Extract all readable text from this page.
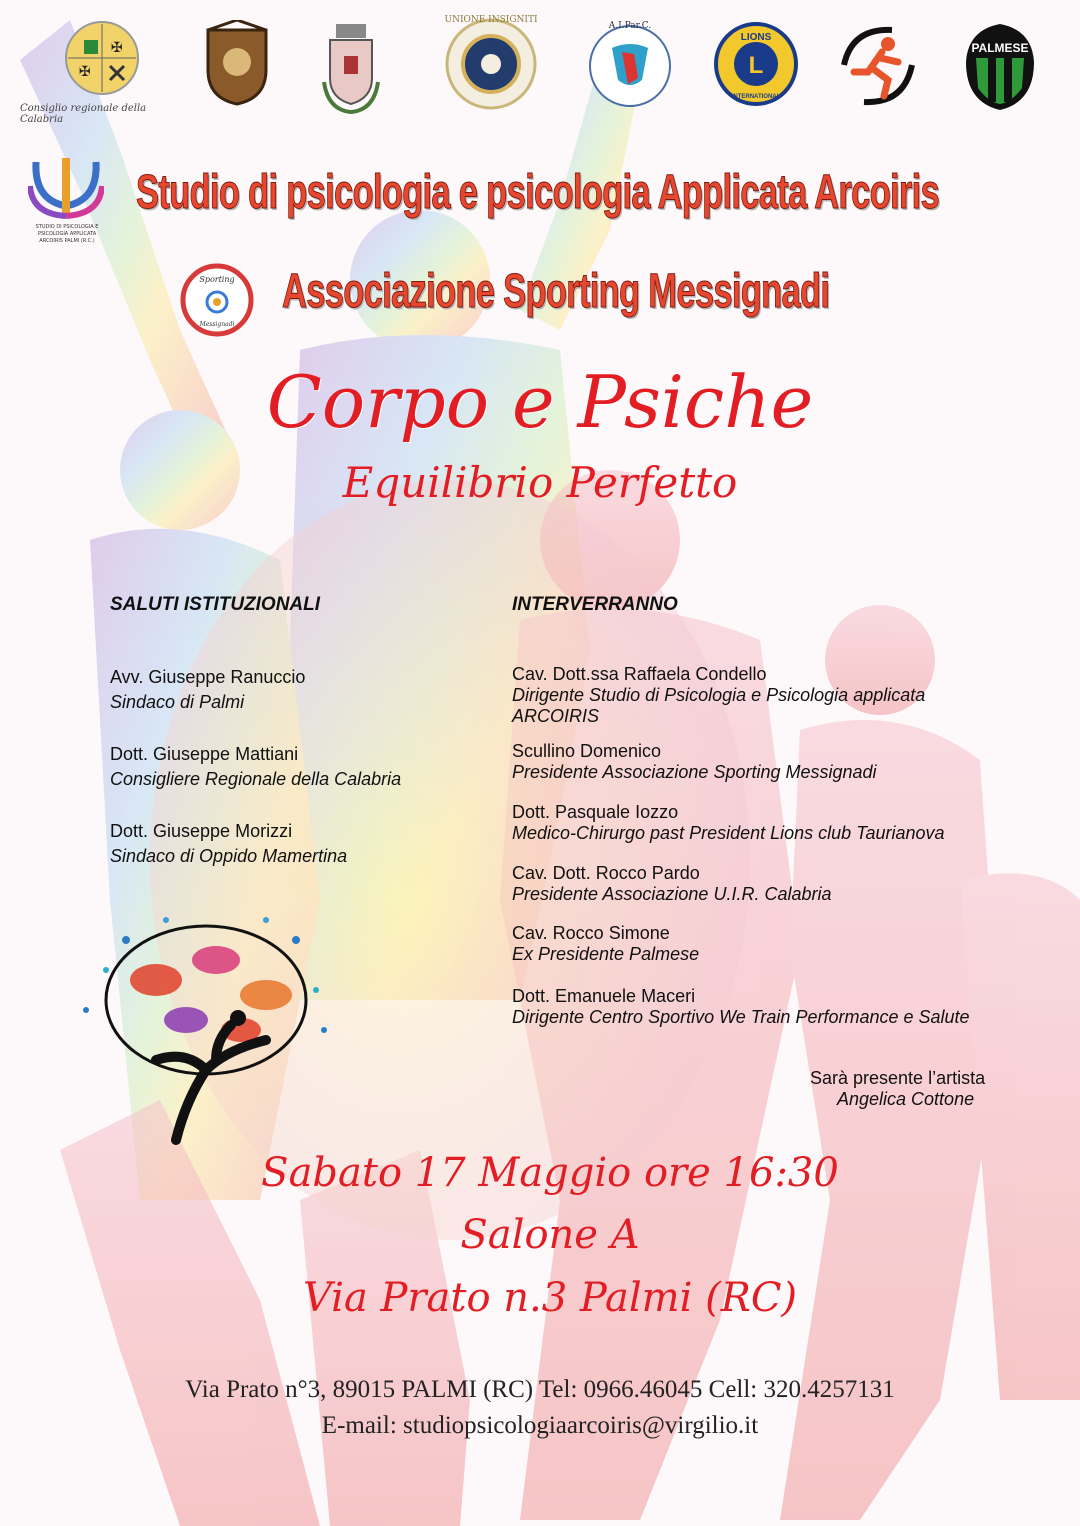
✠
✠
Consiglio regionale della Calabria
UNIONE INSIGNITI
A.I.Par.C.
L
LIONS
INTERNATIONAL
PALMESE
STUDIO DI PSICOLOGIA E PSICOLOGIA APPLICATA ARCOIRIS PALMI (R.C.)
Studio di psicologia e psicologia Applicata Arcoiris
Sporting
Messignadi
Associazione Sporting Messignadi
Corpo e Psiche
Equilibrio Perfetto
SALUTI ISTITUZIONALI
Avv. Giuseppe Ranuccio
Sindaco di Palmi
Dott. Giuseppe Mattiani
Consigliere Regionale della Calabria
Dott. Giuseppe Morizzi
Sindaco di Oppido Mamertina
INTERVERRANNO
Cav. Dott.ssa Raffaela Condello
Dirigente Studio di Psicologia e Psicologia applicata
ARCOIRIS
Scullino Domenico
Presidente Associazione Sporting Messignadi
Dott. Pasquale Iozzo
Medico-Chirurgo past President Lions club Taurianova
Cav. Dott. Rocco Pardo
Presidente Associazione U.I.R. Calabria
Cav. Rocco Simone
Ex Presidente Palmese
Dott. Emanuele Maceri
Dirigente Centro Sportivo We Train Performance e Salute
Sarà presente l’artista
Angelica Cottone
Sabato 17 Maggio ore 16:30
Salone A
Via Prato n.3 Palmi (RC)
Via Prato n°3, 89015 PALMI (RC) Tel: 0966.46045 Cell: 320.4257131
E-mail: studiopsicologiaarcoiris@virgilio.it
